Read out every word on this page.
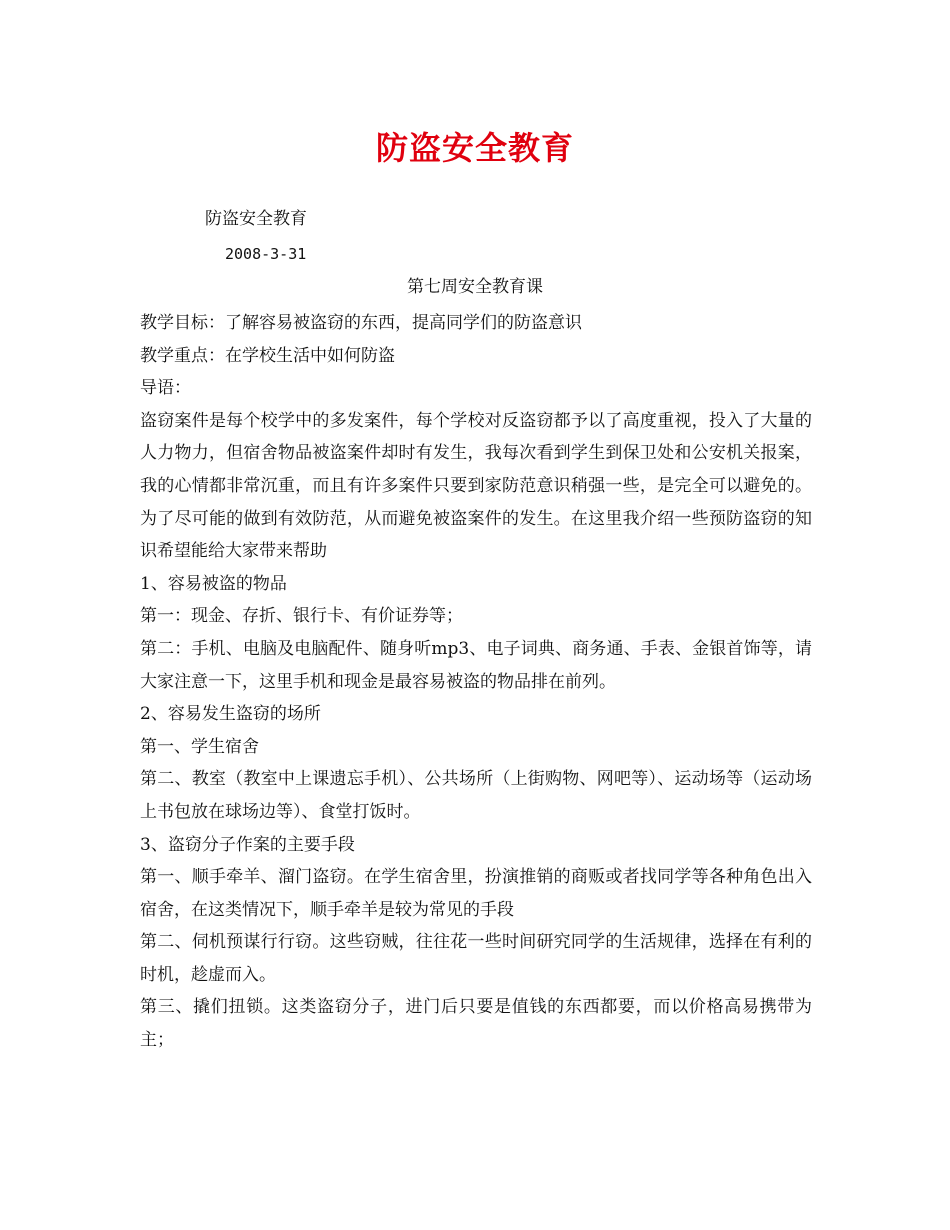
防盗安全教育
防盗安全教育
2008-3-31
第七周安全教育课

教学目标：了解容易被盗窃的东西，提高同学们的防盗意识

教学重点：在学校生活中如何防盗

导语：

盗窃案件是每个校学中的多发案件，每个学校对反盗窃都予以了高度重视，投入了大量的人力物力，但宿舍物品被盗案件却时有发生，我每次看到学生到保卫处和公安机关报案，我的心情都非常沉重，而且有许多案件只要到家防范意识稍强一些，是完全可以避免的。为了尽可能的做到有效防范，从而避免被盗案件的发生。在这里我介绍一些预防盗窃的知识希望能给大家带来帮助

1、容易被盗的物品

第一：现金、存折、银行卡、有价证券等；

第二：手机、电脑及电脑配件、随身听mp3、电子词典、商务通、手表、金银首饰等，请大家注意一下，这里手机和现金是最容易被盗的物品排在前列。

2、容易发生盗窃的场所

第一、学生宿舍

第二、教室（教室中上课遗忘手机）、公共场所（上街购物、网吧等）、运动场等（运动场上书包放在球场边等）、食堂打饭时。

3、盗窃分子作案的主要手段

第一、顺手牵羊、溜门盗窃。在学生宿舍里，扮演推销的商贩或者找同学等各种角色出入宿舍，在这类情况下，顺手牵羊是较为常见的手段

第二、伺机预谋行行窃。这些窃贼，往往花一些时间研究同学的生活规律，选择在有利的时机，趁虚而入。

第三、撬们扭锁。这类盗窃分子，进门后只要是值钱的东西都要，而以价格高易携带为主；
